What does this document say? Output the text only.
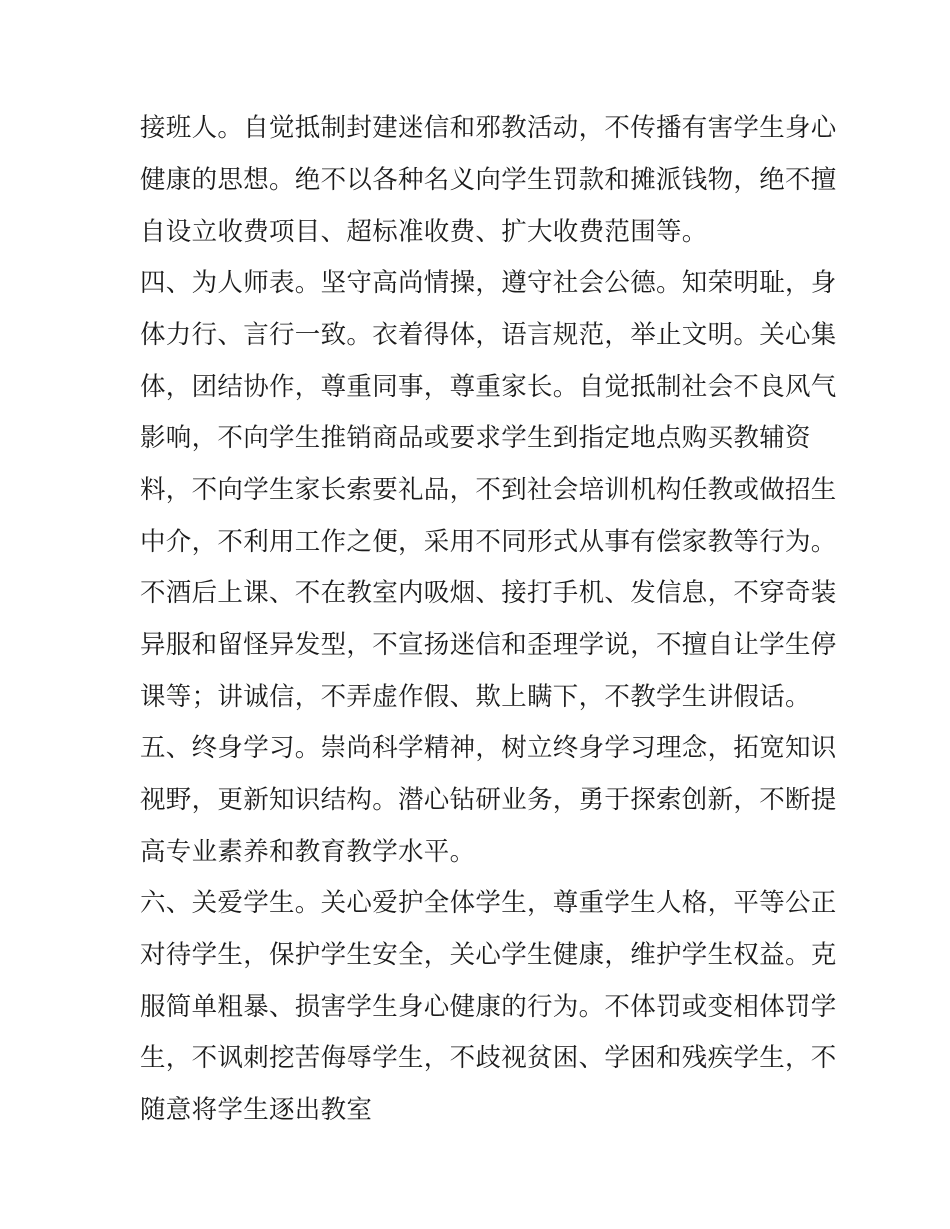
接班人。自觉抵制封建迷信和邪教活动，不传播有害学生身心
健康的思想。绝不以各种名义向学生罚款和摊派钱物，绝不擅
自设立收费项目、超标准收费、扩大收费范围等。
四、为人师表。坚守高尚情操，遵守社会公德。知荣明耻，身
体力行、言行一致。衣着得体，语言规范，举止文明。关心集
体，团结协作，尊重同事，尊重家长。自觉抵制社会不良风气
影响，不向学生推销商品或要求学生到指定地点购买教辅资
料，不向学生家长索要礼品，不到社会培训机构任教或做招生
中介，不利用工作之便，采用不同形式从事有偿家教等行为。
不酒后上课、不在教室内吸烟、接打手机、发信息，不穿奇装
异服和留怪异发型，不宣扬迷信和歪理学说，不擅自让学生停
课等；讲诚信，不弄虚作假、欺上瞒下，不教学生讲假话。
五、终身学习。崇尚科学精神，树立终身学习理念，拓宽知识
视野，更新知识结构。潜心钻研业务，勇于探索创新，不断提
高专业素养和教育教学水平。
六、关爱学生。关心爱护全体学生，尊重学生人格，平等公正
对待学生，保护学生安全，关心学生健康，维护学生权益。克
服简单粗暴、损害学生身心健康的行为。不体罚或变相体罚学
生，不讽刺挖苦侮辱学生，不歧视贫困、学困和残疾学生，不
随意将学生逐出教室
